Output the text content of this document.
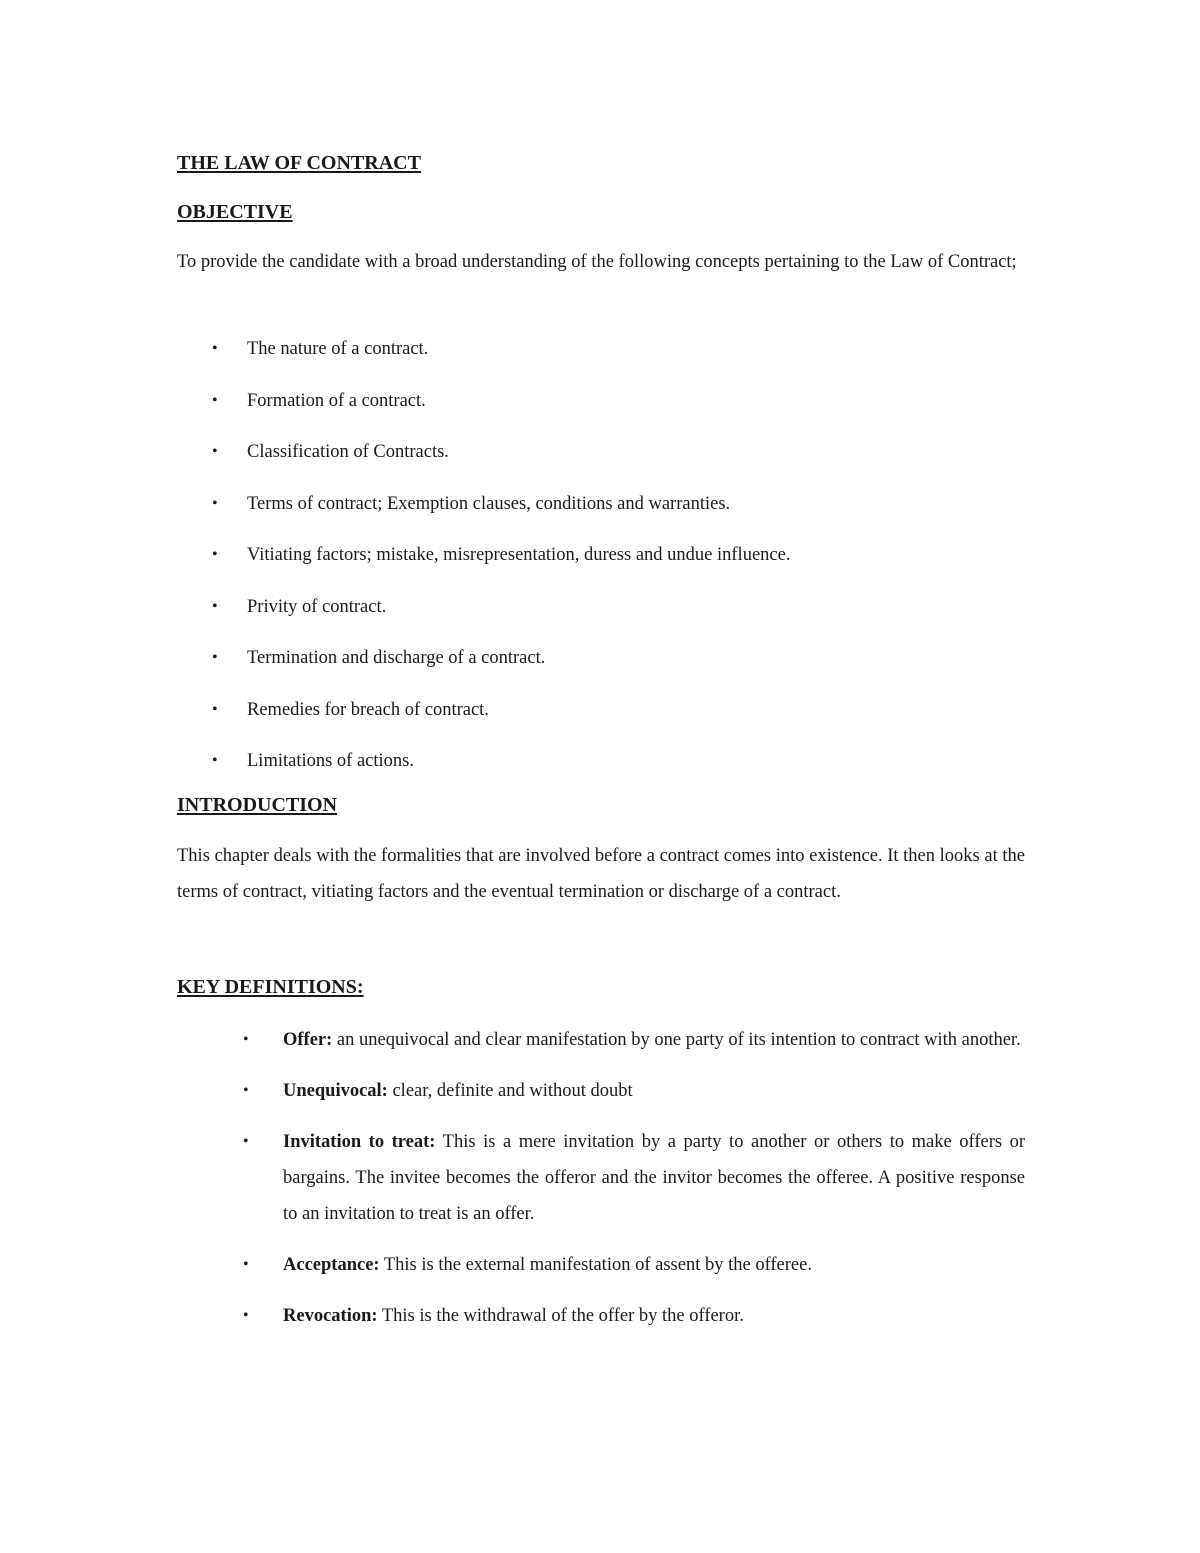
THE LAW OF CONTRACT
OBJECTIVE

To provide the candidate with a broad understanding of the following concepts pertaining to the Law of Contract;

• The nature of a contract.
• Formation of a contract.
• Classification of Contracts.
• Terms of contract; Exemption clauses, conditions and warranties.
• Vitiating factors; mistake, misrepresentation, duress and undue influence.
• Privity of contract.
• Termination and discharge of a contract.
• Remedies for breach of contract.
• Limitations of actions.
INTRODUCTION

This chapter deals with the formalities that are involved before a contract comes into existence. It then looks at the terms of contract, vitiating factors and the eventual termination or discharge of a contract.

KEY DEFINITIONS:
• Offer: an unequivocal and clear manifestation by one party of its intention to contract with another.
• Unequivocal: clear, definite and without doubt
• Invitation to treat: This is a mere invitation by a party to another or others to make offers or bargains. The invitee becomes the offeror and the invitor becomes the offeree. A positive response to an invitation to treat is an offer.
• Acceptance: This is the external manifestation of assent by the offeree.
• Revocation: This is the withdrawal of the offer by the offeror.
